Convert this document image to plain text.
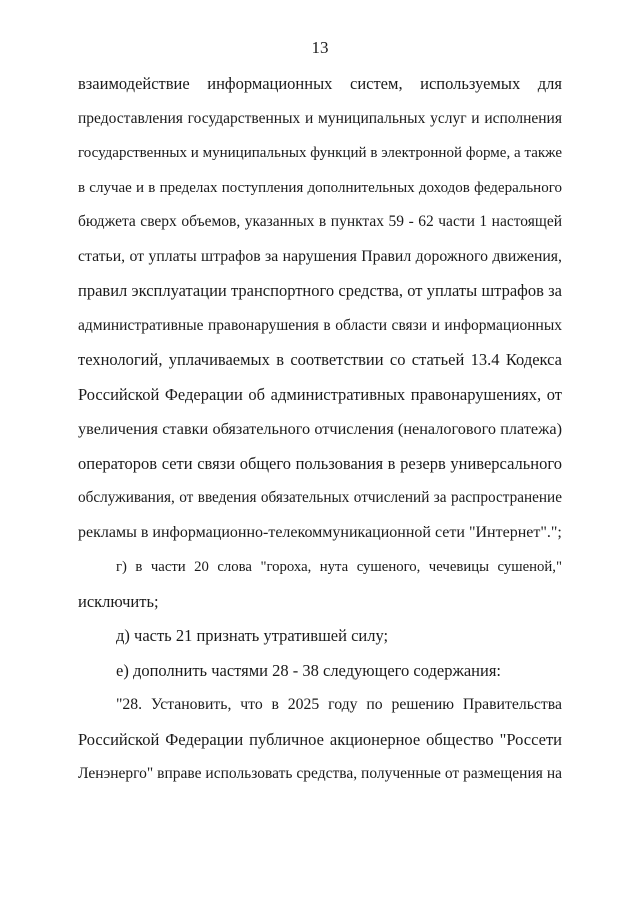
13
взаимодействие информационных систем, используемых для
предоставления государственных и муниципальных услуг и исполнения
государственных и муниципальных функций в электронной форме, а также
в случае и в пределах поступления дополнительных доходов федерального
бюджета сверх объемов, указанных в пунктах 59 - 62 части 1 настоящей
статьи, от уплаты штрафов за нарушения Правил дорожного движения,
правил эксплуатации транспортного средства, от уплаты штрафов за
административные правонарушения в области связи и информационных
технологий, уплачиваемых в соответствии со статьей 13.4 Кодекса
Российской Федерации об административных правонарушениях, от
увеличения ставки обязательного отчисления (неналогового платежа)
операторов сети связи общего пользования в резерв универсального
обслуживания, от введения обязательных отчислений за распространение
рекламы в информационно-телекоммуникационной сети "Интернет".";
г) в части 20 слова "гороха, нута сушеного, чечевицы сушеной,"
исключить;
д) часть 21 признать утратившей силу;
е) дополнить частями 28 - 38 следующего содержания:
"28. Установить, что в 2025 году по решению Правительства
Российской Федерации публичное акционерное общество "Россети
Ленэнерго" вправе использовать средства, полученные от размещения на
